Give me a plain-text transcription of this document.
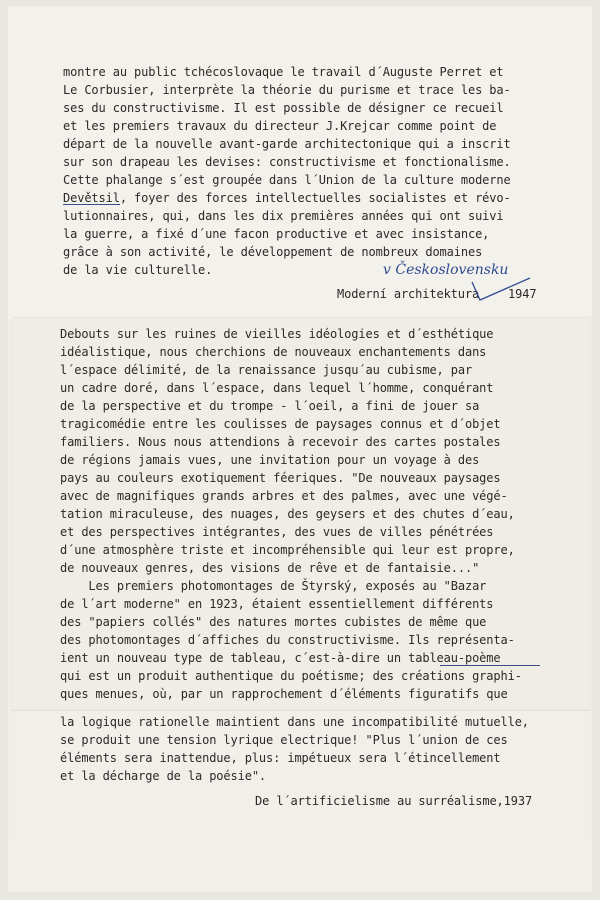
montre au public tchécoslovaque le travail d´Auguste Perret et
Le Corbusier, interprète la théorie du purisme et trace les ba-
ses du constructivisme. Il est possible de désigner ce recueil
et les premiers travaux du directeur J.Krejcar comme point de
départ de la nouvelle avant-garde architectonique qui a inscrit
sur son drapeau les devises: constructivisme et fonctionalisme.
Cette phalange s´est groupée dans l´Union de la culture moderne
Devětsil, foyer des forces intellectuelles socialistes et révo-
lutionnaires, qui, dans les dix premières années qui ont suivi
la guerre, a fixé d´une facon productive et avec insistance,
grâce à son activité, le développement de nombreux domaines
de la vie culturelle.
Moderní architektura
v Československu
1947
Debouts sur les ruines de vieilles idéologies et d´esthétique
idéalistique, nous cherchions de nouveaux enchantements dans
l´espace délimité, de la renaissance jusqu´au cubisme, par
un cadre doré, dans l´espace, dans lequel l´homme, conquérant
de la perspective et du trompe - l´oeil, a fini de jouer sa
tragicomédie entre les coulisses de paysages connus et d´objet
familiers. Nous nous attendions à recevoir des cartes postales
de régions jamais vues, une invitation pour un voyage à des
pays au couleurs exotiquement féeriques. "De nouveaux paysages
avec de magnifiques grands arbres et des palmes, avec une végé-
tation miraculeuse, des nuages, des geysers et des chutes d´eau,
et des perspectives intégrantes, des vues de villes pénétrées
d´une atmosphère triste et incompréhensible qui leur est propre,
de nouveaux genres, des visions de rêve et de fantaisie..."
Les premiers photomontages de Štyrský, exposés au "Bazar
de l´art moderne" en 1923, étaient essentiellement différents
des "papiers collés" des natures mortes cubistes de même que
des photomontages d´affiches du constructivisme. Ils représenta-
ient un nouveau type de tableau, c´est-à-dire un tableau-poème
qui est un produit authentique du poétisme; des créations graphi-
ques menues, où, par un rapprochement d´éléments figuratifs que
la logique rationelle maintient dans une incompatibilité mutuelle,
se produit une tension lyrique electrique! "Plus l´union de ces
éléments sera inattendue, plus: impétueux sera l´étincellement
et la décharge de la poésie".
De l´artificielisme au surréalisme,1937
